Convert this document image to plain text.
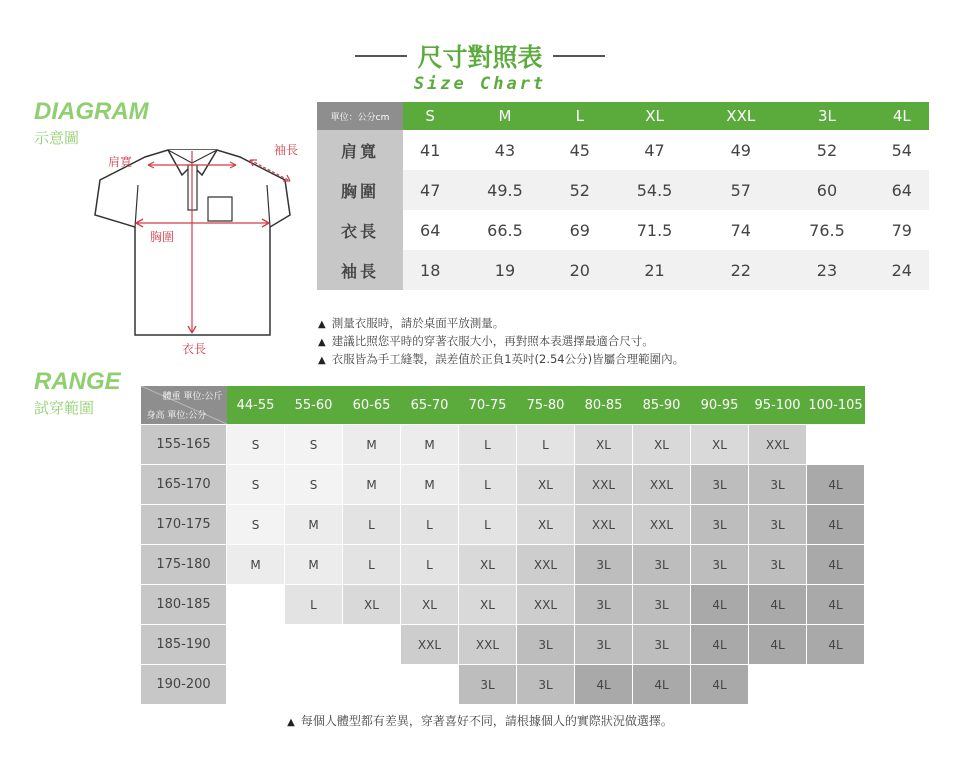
尺寸對照表
Size Chart
DIAGRAM
示意圖
肩寬
袖長
胸圍
衣長
單位：公分cm	S	M	L	XL	XXL	3L	4L
肩寬	41	43	45	47	49	52	54
胸圍	47	49.5	52	54.5	57	60	64
衣長	64	66.5	69	71.5	74	76.5	79
袖長	18	19	20	21	22	23	24
▲ 測量衣服時，請於桌面平放測量。
▲ 建議比照您平時的穿著衣服大小，再對照本表選擇最適合尺寸。
▲ 衣服皆為手工縫製，誤差值於正負1英吋(2.54公分)皆屬合理範圍內。
RANGE
試穿範圍
體重 單位:公斤
身高 單位:公分	44-55	55-60	60-65	65-70	70-75	75-80	80-85	85-90	90-95	95-100	100-105
155-165	S	S	M	M	L	L	XL	XL	XL	XXL	
165-170	S	S	M	M	L	XL	XXL	XXL	3L	3L	4L
170-175	S	M	L	L	L	XL	XXL	XXL	3L	3L	4L
175-180	M	M	L	L	XL	XXL	3L	3L	3L	3L	4L
180-185		L	XL	XL	XL	XXL	3L	3L	4L	4L	4L
185-190				XXL	XXL	3L	3L	3L	4L	4L	4L
190-200					3L	3L	4L	4L	4L		
▲ 每個人體型都有差異，穿著喜好不同，請根據個人的實際狀況做選擇。
